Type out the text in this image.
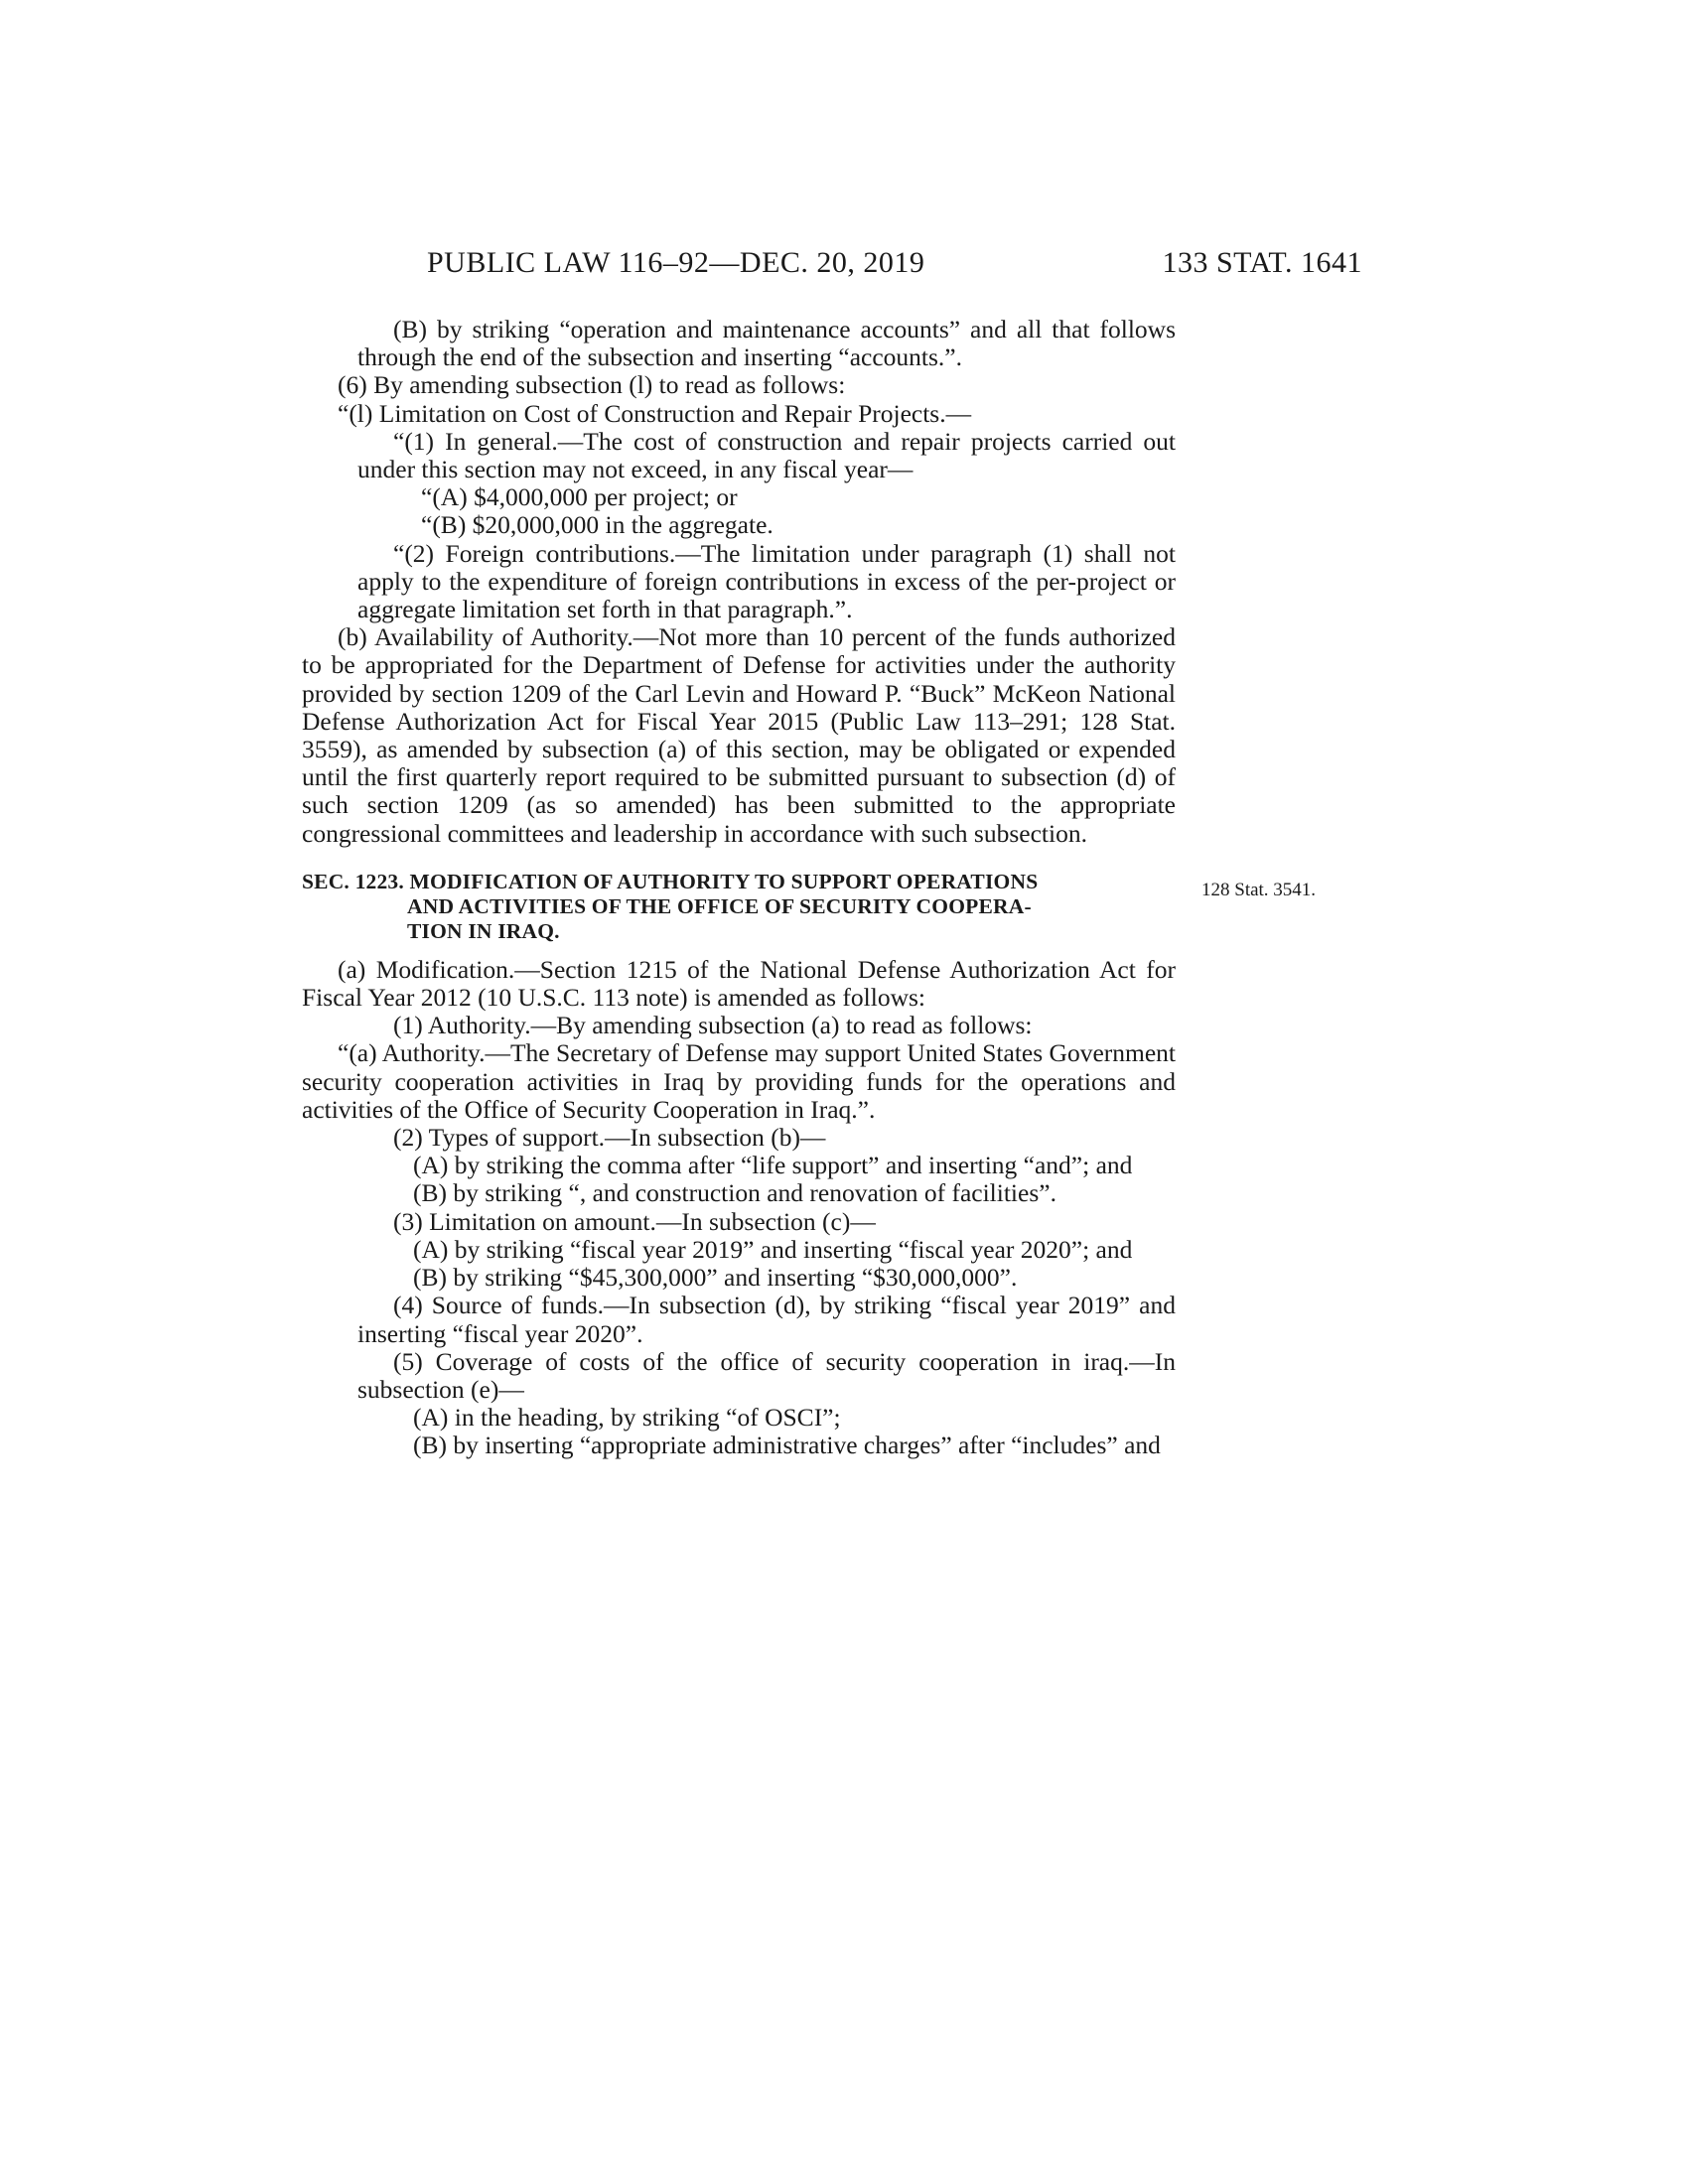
PUBLIC LAW 116–92—DEC. 20, 2019	133 STAT. 1641
128 Stat. 3541.

(B) by striking “operation and maintenance accounts” and all that follows through the end of the subsection and inserting “accounts.”.

(6) By amending subsection (l) to read as follows:

“(l) Limitation on Cost of Construction and Repair Projects.—

“(1) In general.—The cost of construction and repair projects carried out under this section may not exceed, in any fiscal year—

“(A) $4,000,000 per project; or

“(B) $20,000,000 in the aggregate.

“(2) Foreign contributions.—The limitation under paragraph (1) shall not apply to the expenditure of foreign contributions in excess of the per-project or aggregate limitation set forth in that paragraph.”.

(b) Availability of Authority.—Not more than 10 percent of the funds authorized to be appropriated for the Department of Defense for activities under the authority provided by section 1209 of the Carl Levin and Howard P. “Buck” McKeon National Defense Authorization Act for Fiscal Year 2015 (Public Law 113–291; 128 Stat. 3559), as amended by subsection (a) of this section, may be obligated or expended until the first quarterly report required to be submitted pursuant to subsection (d) of such section 1209 (as so amended) has been submitted to the appropriate congressional committees and leadership in accordance with such subsection.

SEC. 1223. MODIFICATION OF AUTHORITY TO SUPPORT OPERATIONS
AND ACTIVITIES OF THE OFFICE OF SECURITY COOPERA-
TION IN IRAQ.

(a) Modification.—Section 1215 of the National Defense Authorization Act for Fiscal Year 2012 (10 U.S.C. 113 note) is amended as follows:

(1) Authority.—By amending subsection (a) to read as follows:

“(a) Authority.—The Secretary of Defense may support United States Government security cooperation activities in Iraq by providing funds for the operations and activities of the Office of Security Cooperation in Iraq.”.

(2) Types of support.—In subsection (b)—

(A) by striking the comma after “life support” and inserting “and”; and

(B) by striking “, and construction and renovation of facilities”.

(3) Limitation on amount.—In subsection (c)—

(A) by striking “fiscal year 2019” and inserting “fiscal year 2020”; and

(B) by striking “$45,300,000” and inserting “$30,000,000”.

(4) Source of funds.—In subsection (d), by striking “fiscal year 2019” and inserting “fiscal year 2020”.

(5) Coverage of costs of the office of security cooperation in iraq.—In subsection (e)—

(A) in the heading, by striking “of OSCI”;

(B) by inserting “appropriate administrative charges” after “includes” and
